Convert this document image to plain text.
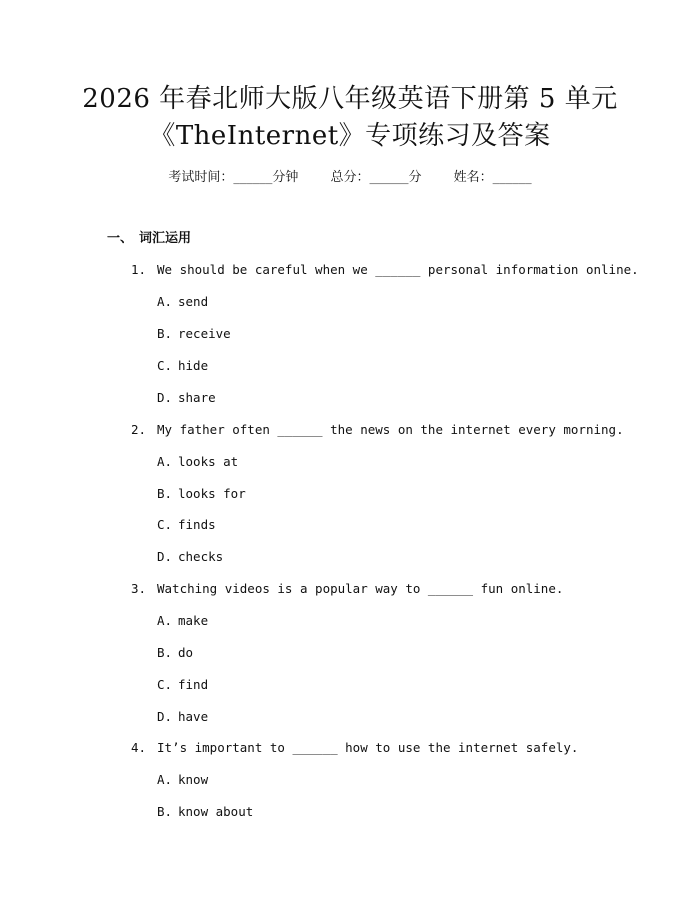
2026 年春北师大版八年级英语下册第 5 单元
《TheInternet》专项练习及答案
考试时间：______分钟 总分：______分 姓名：______
一、 词汇运用
1. We should be careful when we ______ personal information online.
A. send
B. receive
C. hide
D. share
2. My father often ______ the news on the internet every morning.
A. looks at
B. looks for
C. finds
D. checks
3. Watching videos is a popular way to ______ fun online.
A. make
B. do
C. find
D. have
4. It’s important to ______ how to use the internet safely.
A. know
B. know about
